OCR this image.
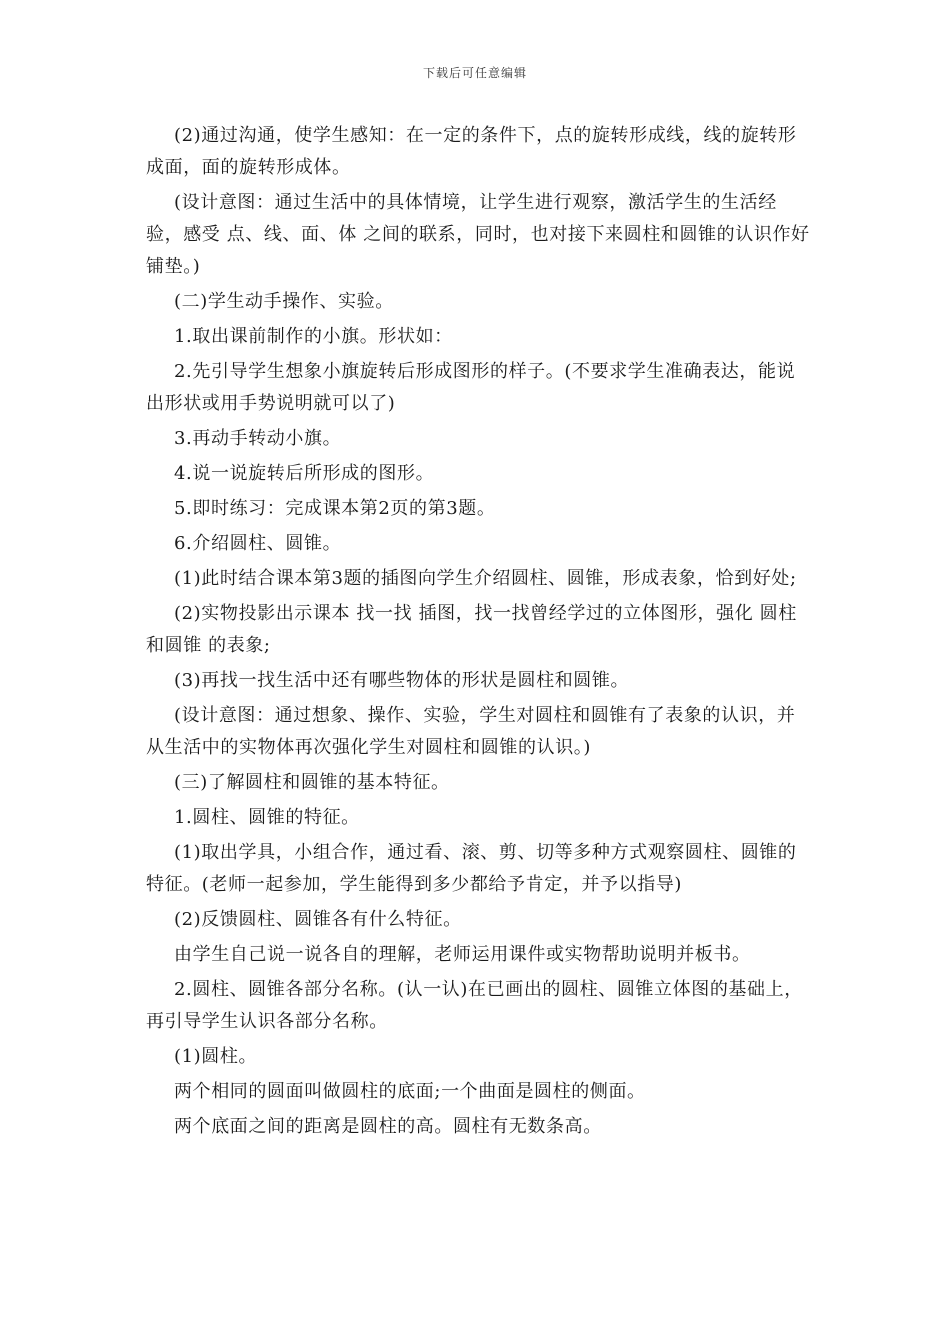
下载后可任意编辑

(2)通过沟通，使学生感知：在一定的条件下，点的旋转形成线，线的旋转形成面，面的旋转形成体。

(设计意图：通过生活中的具体情境，让学生进行观察，激活学生的生活经验，感受 点、线、面、体 之间的联系，同时，也对接下来圆柱和圆锥的认识作好铺垫。)

(二)学生动手操作、实验。

1.取出课前制作的小旗。形状如：

2.先引导学生想象小旗旋转后形成图形的样子。(不要求学生准确表达，能说出形状或用手势说明就可以了)

3.再动手转动小旗。

4.说一说旋转后所形成的图形。

5.即时练习：完成课本第2页的第3题。

6.介绍圆柱、圆锥。

(1)此时结合课本第3题的插图向学生介绍圆柱、圆锥，形成表象，恰到好处;

(2)实物投影出示课本 找一找 插图，找一找曾经学过的立体图形，强化 圆柱和圆锥 的表象;

(3)再找一找生活中还有哪些物体的形状是圆柱和圆锥。

(设计意图：通过想象、操作、实验，学生对圆柱和圆锥有了表象的认识，并从生活中的实物体再次强化学生对圆柱和圆锥的认识。)

(三)了解圆柱和圆锥的基本特征。

1.圆柱、圆锥的特征。

(1)取出学具，小组合作，通过看、滚、剪、切等多种方式观察圆柱、圆锥的特征。(老师一起参加，学生能得到多少都给予肯定，并予以指导)

(2)反馈圆柱、圆锥各有什么特征。

由学生自己说一说各自的理解，老师运用课件或实物帮助说明并板书。

2.圆柱、圆锥各部分名称。(认一认)在已画出的圆柱、圆锥立体图的基础上，再引导学生认识各部分名称。

(1)圆柱。

两个相同的圆面叫做圆柱的底面;一个曲面是圆柱的侧面。

两个底面之间的距离是圆柱的高。圆柱有无数条高。
